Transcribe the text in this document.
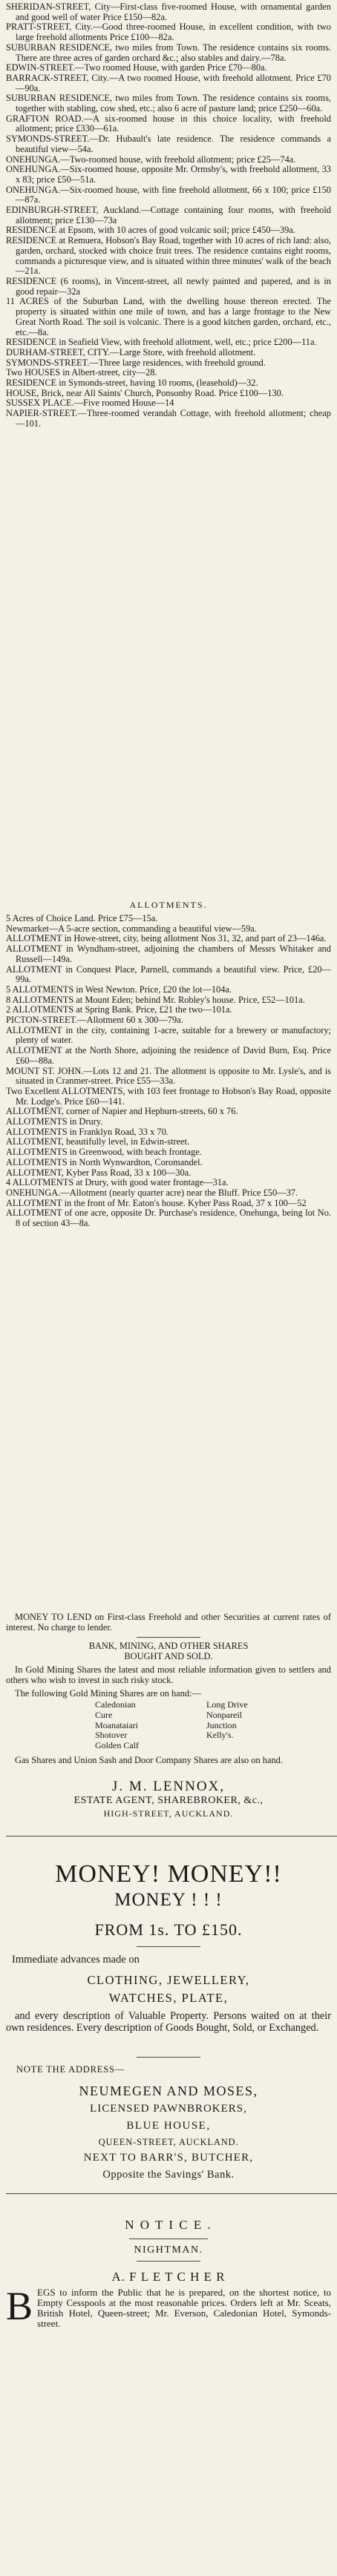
SHERIDAN-STREET, City—First-class five-roomed House, with ornamental garden and good well of water Price £150—82a.
PRATT-STREET, City.—Good three-roomed House, in excellent condition, with two large freehold allotments Price £100—82a.
SUBURBAN RESIDENCE, two miles from Town. The residence contains six rooms. There are three acres of garden orchard &c.; also stables and dairy.—78a.
EDWIN-STREET.—Two roomed House, with garden Price £70—80a.
BARRACK-STREET, City.—A two roomed House, with freehold allotment. Price £70—90a.
SUBURBAN RESIDENCE, two miles from Town. The residence contains six rooms, together with stabling, cow shed, etc.; also 6 acre of pasture land; price £250—60a.
GRAFTON ROAD.—A six-roomed house in this choice locality, with freehold allotment; price £330—61a.
SYMONDS-STREET.—Dr. Hubault's late residence. The residence commands a beautiful view—54a.
ONEHUNGA.—Two-roomed house, with freehold allotment; price £25—74a.
ONEHUNGA.—Six-roomed house, opposite Mr. Ormsby's, with freehold allotment, 33 x 83; price £50—51a.
ONEHUNGA.—Six-roomed house, with fine freehold allotment, 66 x 100; price £150—87a.
EDINBURGH-STREET, Auckland.—Cottage containing four rooms, with freehold allotment; price £130—73a
RESIDENCE at Epsom, with 10 acres of good volcanic soil; price £450—39a.
RESIDENCE at Remuera, Hobson's Bay Road, together with 10 acres of rich land: also, garden, orchard, stocked with choice fruit trees. The residence contains eight rooms, commands a picturesque view, and is situated within three minutes' walk of the beach—21a.
RESIDENCE (6 rooms), in Vincent-street, all newly painted and papered, and is in good repair—32a
11 ACRES of the Suburban Land, with the dwelling house thereon erected. The property is situated within one mile of town, and has a large frontage to the New Great North Road. The soil is volcanic. There is a good kitchen garden, orchard, etc., etc.—8a.
RESIDENCE in Seafield View, with freehold allotment, well, etc.; price £200—11a.
DURHAM-STREET, CITY.—Large Store, with freehold allotment.
SYMONDS-STREET.—Three large residences, with freehold ground.
Two HOUSES in Albert-street, city—28.
RESIDENCE in Symonds-street, having 10 rooms, (leasehold)—32.
HOUSE, Brick, near All Saints' Church, Ponsonby Road. Price £100—130.
SUSSEX PLACE.—Five roomed House—14
NAPIER-STREET.—Three-roomed verandah Cottage, with freehold allotment; cheap—101.
ALLOTMENTS.
5 Acres of Choice Land. Price £75—15a.
Newmarket—A 5-acre section, commanding a beautiful view—59a.
ALLOTMENT in Howe-street, city, being allotment Nos 31, 32, and part of 23—146a.
ALLOTMENT in Wyndham-street, adjoining the chambers of Messrs Whitaker and Russell—149a.
ALLOTMENT in Conquest Place, Parnell, commands a beautiful view. Price, £20—99a.
5 ALLOTMENTS in West Newton. Price, £20 the lot—104a.
8 ALLOTMENTS at Mount Eden; behind Mr. Robley's house. Price, £52—101a.
2 ALLOTMENTS at Spring Bank. Price, £21 the two—101a.
PICTON-STREET.—Allotment 60 x 300—79a.
ALLOTMENT in the city, containing 1-acre, suitable for a brewery or manufactory; plenty of water.
ALLOTMENT at the North Shore, adjoining the residence of David Burn, Esq. Price £60—88a.
MOUNT ST. JOHN.—Lots 12 and 21. The allotment is opposite to Mr. Lysle's, and is situated in Cranmer-street. Price £55—33a.
Two Excellent ALLOTMENTS, with 103 feet frontage to Hobson's Bay Road, opposite Mr. Lodge's. Price £60—141.
ALLOTMENT, corner of Napier and Hepburn-streets, 60 x 76.
ALLOTMENTS in Drury.
ALLOTMENTS in Franklyn Road, 33 x 70.
ALLOTMENT, beautifully level, in Edwin-street.
ALLOTMENTS in Greenwood, with beach frontage.
ALLOTMENTS in North Wynwardton, Coromandel.
ALLOTMENT, Kyber Pass Road, 33 x 100—30a.
4 ALLOTMENTS at Drury, with good water frontage—31a.
ONEHUNGA.—Allotment (nearly quarter acre) near the Bluff. Price £50—37.
ALLOTMENT in the front of Mr. Eaton's house. Kyber Pass Road, 37 x 100—52
ALLOTMENT of one acre, opposite Dr. Purchase's residence, Onehunga, being lot No. 8 of section 43—8a.

MONEY TO LEND on First-class Freehold and other Securities at current rates of interest. No charge to lender.

BANK, MINING, AND OTHER SHARES
BOUGHT AND SOLD.

In Gold Mining Shares the latest and most reliable information given to settlers and others who wish to invest in such risky stock.

The following Gold Mining Shares are on hand:—

Caledonian
Cure
Moanataiari
Shotover
Golden Calf
Long Drive
Nonpareil
Junction
Kelly's.

Gas Shares and Union Sash and Door Company Shares are also on hand.

J. M. LENNOX,
ESTATE AGENT, SHAREBROKER, &c.,
HIGH-STREET, AUCKLAND.
MONEY! MONEY!!
MONEY ! ! !
FROM 1s. TO £150.
Immediate advances made on
CLOTHING, JEWELLERY,
WATCHES, PLATE,

and every description of Valuable Property. Persons waited on at their own residences. Every description of Goods Bought, Sold, or Exchanged.

NOTE THE ADDRESS—
NEUMEGEN AND MOSES,
LICENSED PAWNBROKERS,
BLUE HOUSE,
QUEEN-STREET, AUCKLAND.
NEXT TO BARR'S, BUTCHER,
Opposite the Savings' Bank.
N O T I C E .
NIGHTMAN.
A. F L E T C H E R
BEGS to inform the Public that he is prepared, on the shortest notice, to Empty Cesspools at the most reasonable prices. Orders left at Mr. Sceats, British Hotel, Queen-street; Mr. Everson, Caledonian Hotel, Symonds-street.
